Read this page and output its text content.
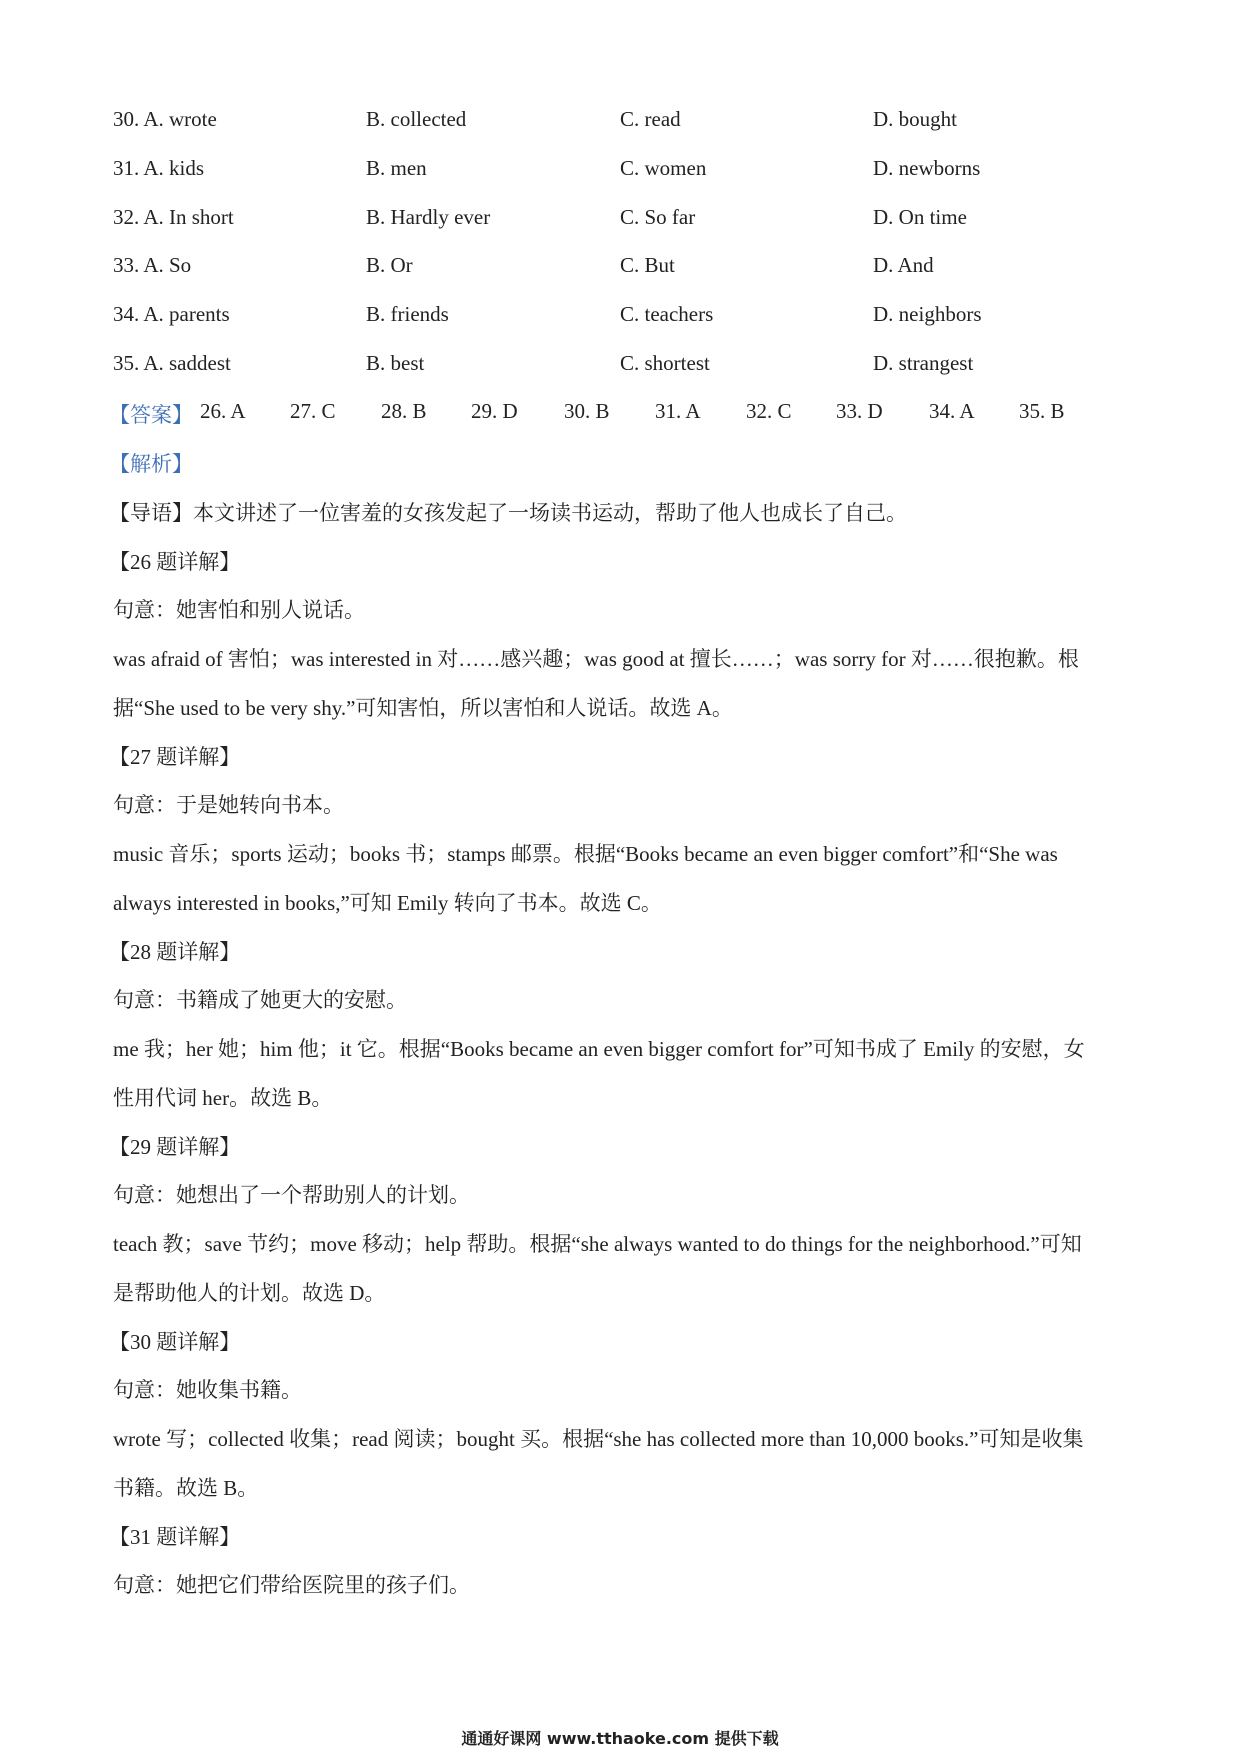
30. A. wrote	B. collected	C. read	D. bought
31. A. kids	B. men	C. women	D. newborns
32. A. In short	B. Hardly ever	C. So far	D. On time
33. A. So	B. Or	C. But	D. And
34. A. parents	B. friends	C. teachers	D. neighbors
35. A. saddest	B. best	C. shortest	D. strangest
【答案】 26. A 27. C 28. B 29. D 30. B 31. A 32. C 33. D 34. A 35. B
【解析】
【导语】本文讲述了一位害羞的女孩发起了一场读书运动，帮助了他人也成长了自己。
【26 题详解】
句意：她害怕和别人说话。
was afraid of 害怕；was interested in 对……感兴趣；was good at 擅长……；was sorry for 对……很抱歉。根
据“She used to be very shy.”可知害怕，所以害怕和人说话。故选 A。
【27 题详解】
句意：于是她转向书本。
music 音乐；sports 运动；books 书；stamps 邮票。根据“Books became an even bigger comfort”和“She was
always interested in books,”可知 Emily 转向了书本。故选 C。
【28 题详解】
句意：书籍成了她更大的安慰。
me 我；her 她；him 他；it 它。根据“Books became an even bigger comfort for”可知书成了 Emily 的安慰，女
性用代词 her。故选 B。
【29 题详解】
句意：她想出了一个帮助别人的计划。
teach 教；save 节约；move 移动；help 帮助。根据“she always wanted to do things for the neighborhood.”可知
是帮助他人的计划。故选 D。
【30 题详解】
句意：她收集书籍。
wrote 写；collected 收集；read 阅读；bought 买。根据“she has collected more than 10,000 books.”可知是收集
书籍。故选 B。
【31 题详解】
句意：她把它们带给医院里的孩子们。
通通好课网 www.tthaoke.com 提供下载
